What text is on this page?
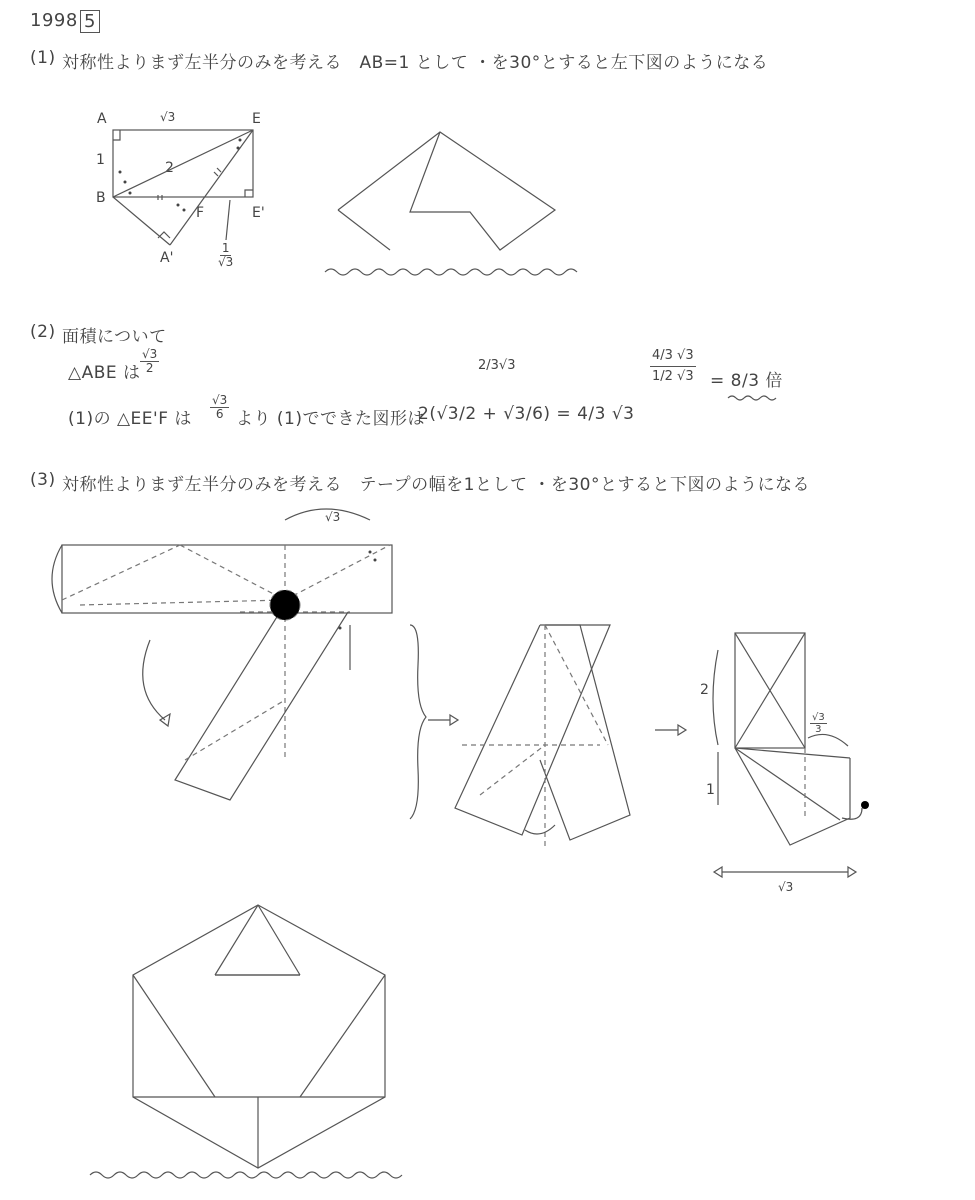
1998 5
(1) 対称性よりまず左半分のみを考える　AB=1 として ・を30°とすると左下図のようになる
A	√3	E
1	2
B
F	E'
A'	$\frac{1}{√3}$
(2) 面積について
△ABE は $\frac{√3}{2}$	2/3√3
(1)の △EE'F は $\frac{√3}{6}$ より (1)でできた図形は
2(√3/2 + √3/6) = 4/3 √3
$\frac{4/3 √3}{1/2 √3} = 8/3$ 倍
(3) 対称性よりまず左半分のみを考える　テープの幅を1として ・を30°とすると下図のようになる
√3
2
$\frac{√3}{3}$
1
√3
